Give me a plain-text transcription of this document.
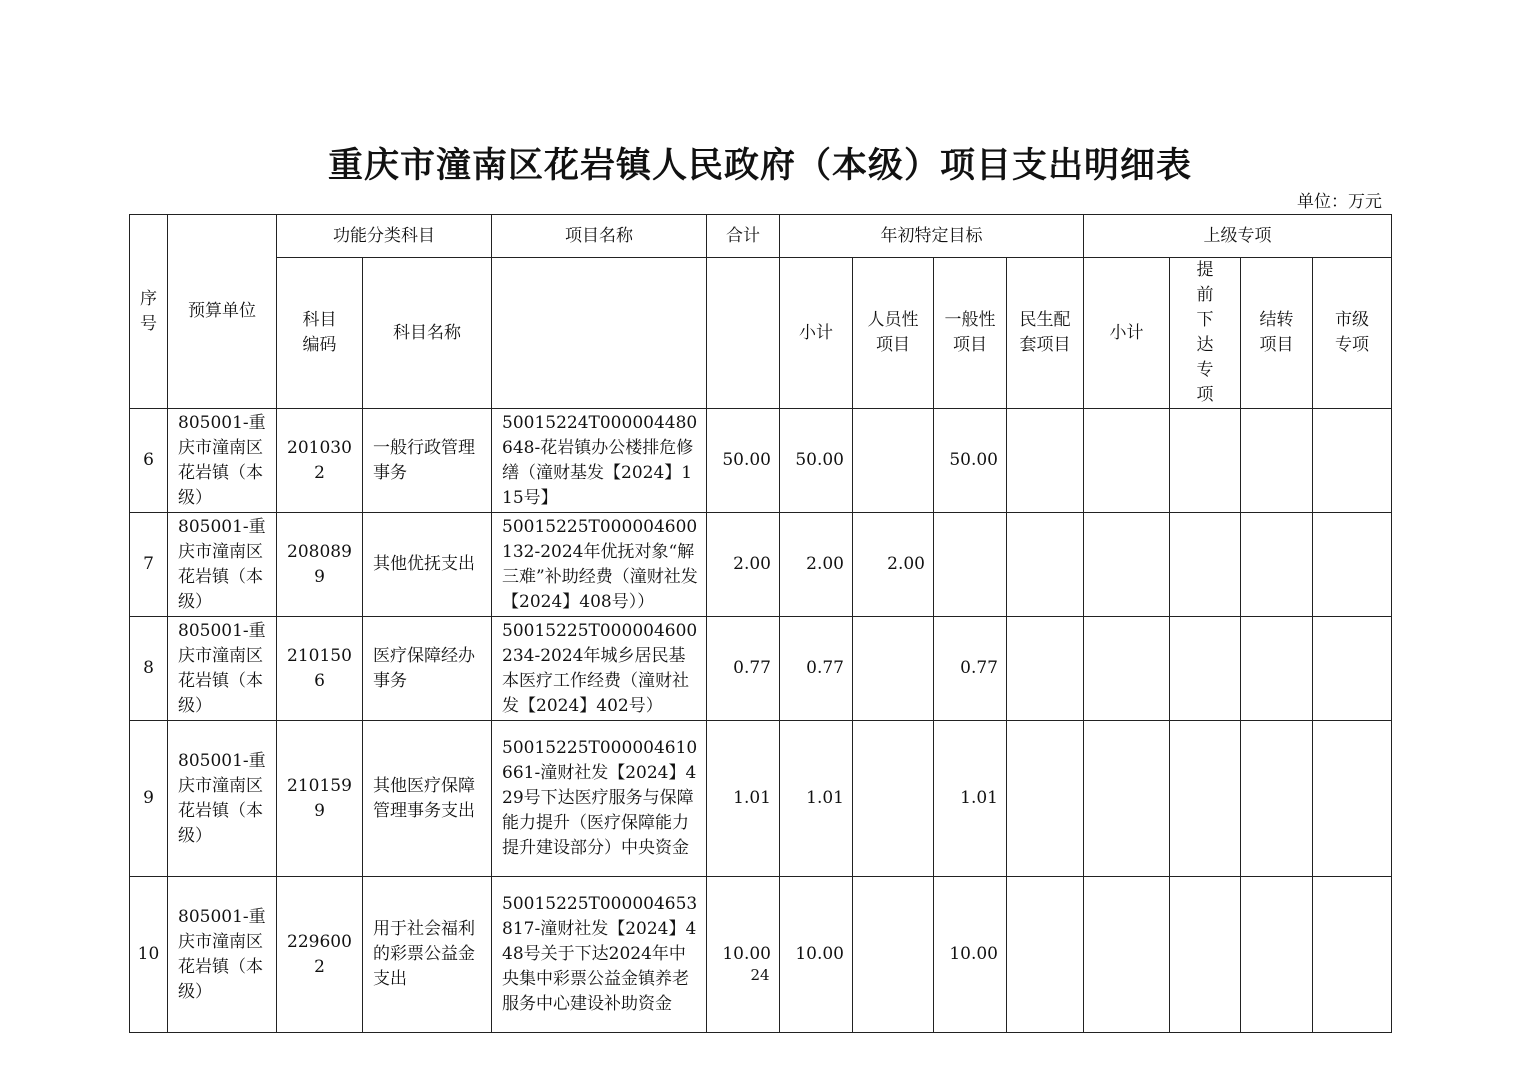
重庆市潼南区花岩镇人民政府（本级）项目支出明细表
单位：万元
序号	预算单位	功能分类科目		项目名称	合计	年初特定目标				上级专项			
		科目编码	科目名称			小计	人员性项目	一般性项目	民生配套项目	小计	提前下达专项	结转项目	市级专项
6	805001-重庆市潼南区花岩镇（本级）	2010302	一般行政管理事务	50015224T000004480648-花岩镇办公楼排危修缮（潼财基发【2024】115号】	50.00	50.00		50.00					
7	805001-重庆市潼南区花岩镇（本级）	2080899	其他优抚支出	50015225T000004600132-2024年优抚对象“解三难”补助经费（潼财社发【2024】408号））	2.00	2.00	2.00						
8	805001-重庆市潼南区花岩镇（本级）	2101506	医疗保障经办事务	50015225T000004600234-2024年城乡居民基本医疗工作经费（潼财社发【2024】402号）	0.77	0.77		0.77					
9	805001-重庆市潼南区花岩镇（本级）	2101599	其他医疗保障管理事务支出	50015225T000004610661-潼财社发【2024】429号下达医疗服务与保障能力提升（医疗保障能力提升建设部分）中央资金	1.01	1.01		1.01					
10	805001-重庆市潼南区花岩镇（本级）	2296002	用于社会福利的彩票公益金支出	50015225T000004653817-潼财社发【2024】448号关于下达2024年中央集中彩票公益金镇养老服务中心建设补助资金	10.00	10.00		10.00					
24
